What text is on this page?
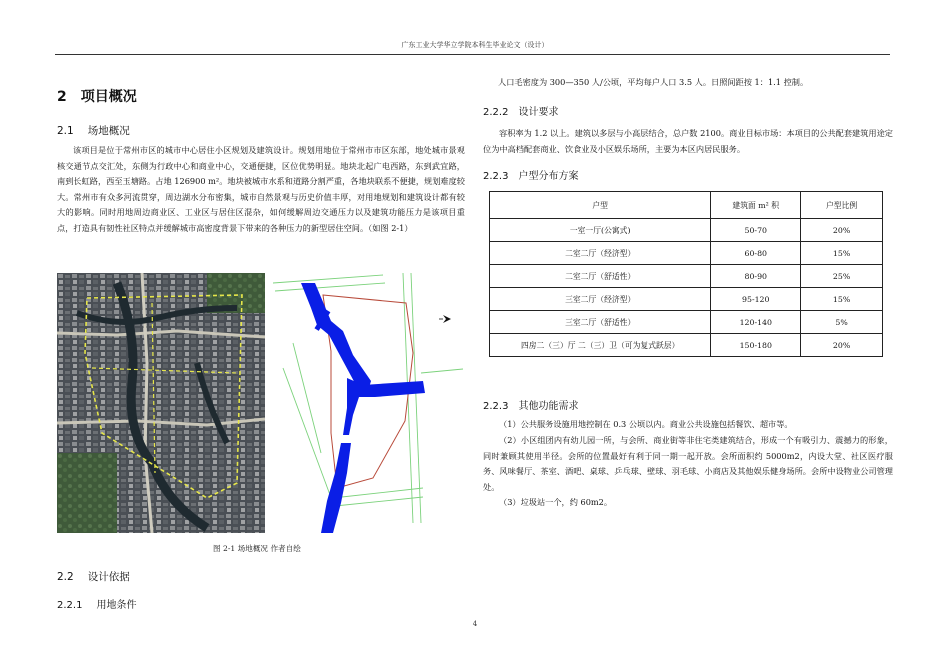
广东工业大学华立学院本科生毕业论文（设计）
2 项目概况
2.1 场地概况
该项目是位于常州市区的城市中心居住小区规划及建筑设计。规划用地位于常州市市区东部，地处城市景观核交通节点交汇处，东侧为行政中心和商业中心，交通便捷，区位优势明显。地块北起广电西路，东到武宜路，南到长虹路，西至玉塘路。占地 126900 m²。地块被城市水系和道路分割严重，各地块联系不便捷，规划难度较大。常州市有众多河流贯穿，周边湖水分布密集，城市自然景观与历史价值丰厚，对用地规划和建筑设计都有较大的影响。同时用地周边商业区、工业区与居住区混杂，如何缓解周边交通压力以及建筑功能压力是该项目重点，打造具有韧性社区特点并缓解城市高密度背景下带来的各种压力的新型居住空间。（如图 2-1）
图 2-1 场地概况 作者自绘
2.2 设计依据
2.2.1 用地条件
人口毛密度为 300—350 人/公顷，平均每户人口 3.5 人。日照间距按 1：1.1 控制。
2.2.2 设计要求
容积率为 1.2 以上。建筑以多层与小高层结合，总户数 2100。商业目标市场：本项目的公共配套建筑用途定位为中高档配套商业、饮食业及小区娱乐场所，主要为本区内居民服务。
2.2.3 户型分布方案
户型	建筑面 m² 积	户型比例
一室一厅(公寓式)	50-70	20%
二室二厅（经济型）	60-80	15%
二室二厅（舒适性）	80-90	25%
三室二厅（经济型）	95-120	15%
三室二厅（舒适性）	120-140	5%
四房二（三）厅 二（三）卫（可为复式跃层）	150-180	20%
2.2.3 其他功能需求
（1）公共服务设施用地控制在 0.3 公顷以内。商业公共设施包括餐饮、超市等。
（2）小区组团内有幼儿园一所，与会所、商业街等非住宅类建筑结合，形成一个有吸引力、震撼力的形象，同时兼顾其使用半径。会所的位置最好有利于同一期一起开放。会所面积约 5000m2，内设大堂、社区医疗服务、风味餐厅、茶室、酒吧、桌球、乒乓球、壁球、羽毛球、小商店及其他娱乐健身场所。会所中设物业公司管理处。
（3）垃圾站一个，约 60m2。
4
